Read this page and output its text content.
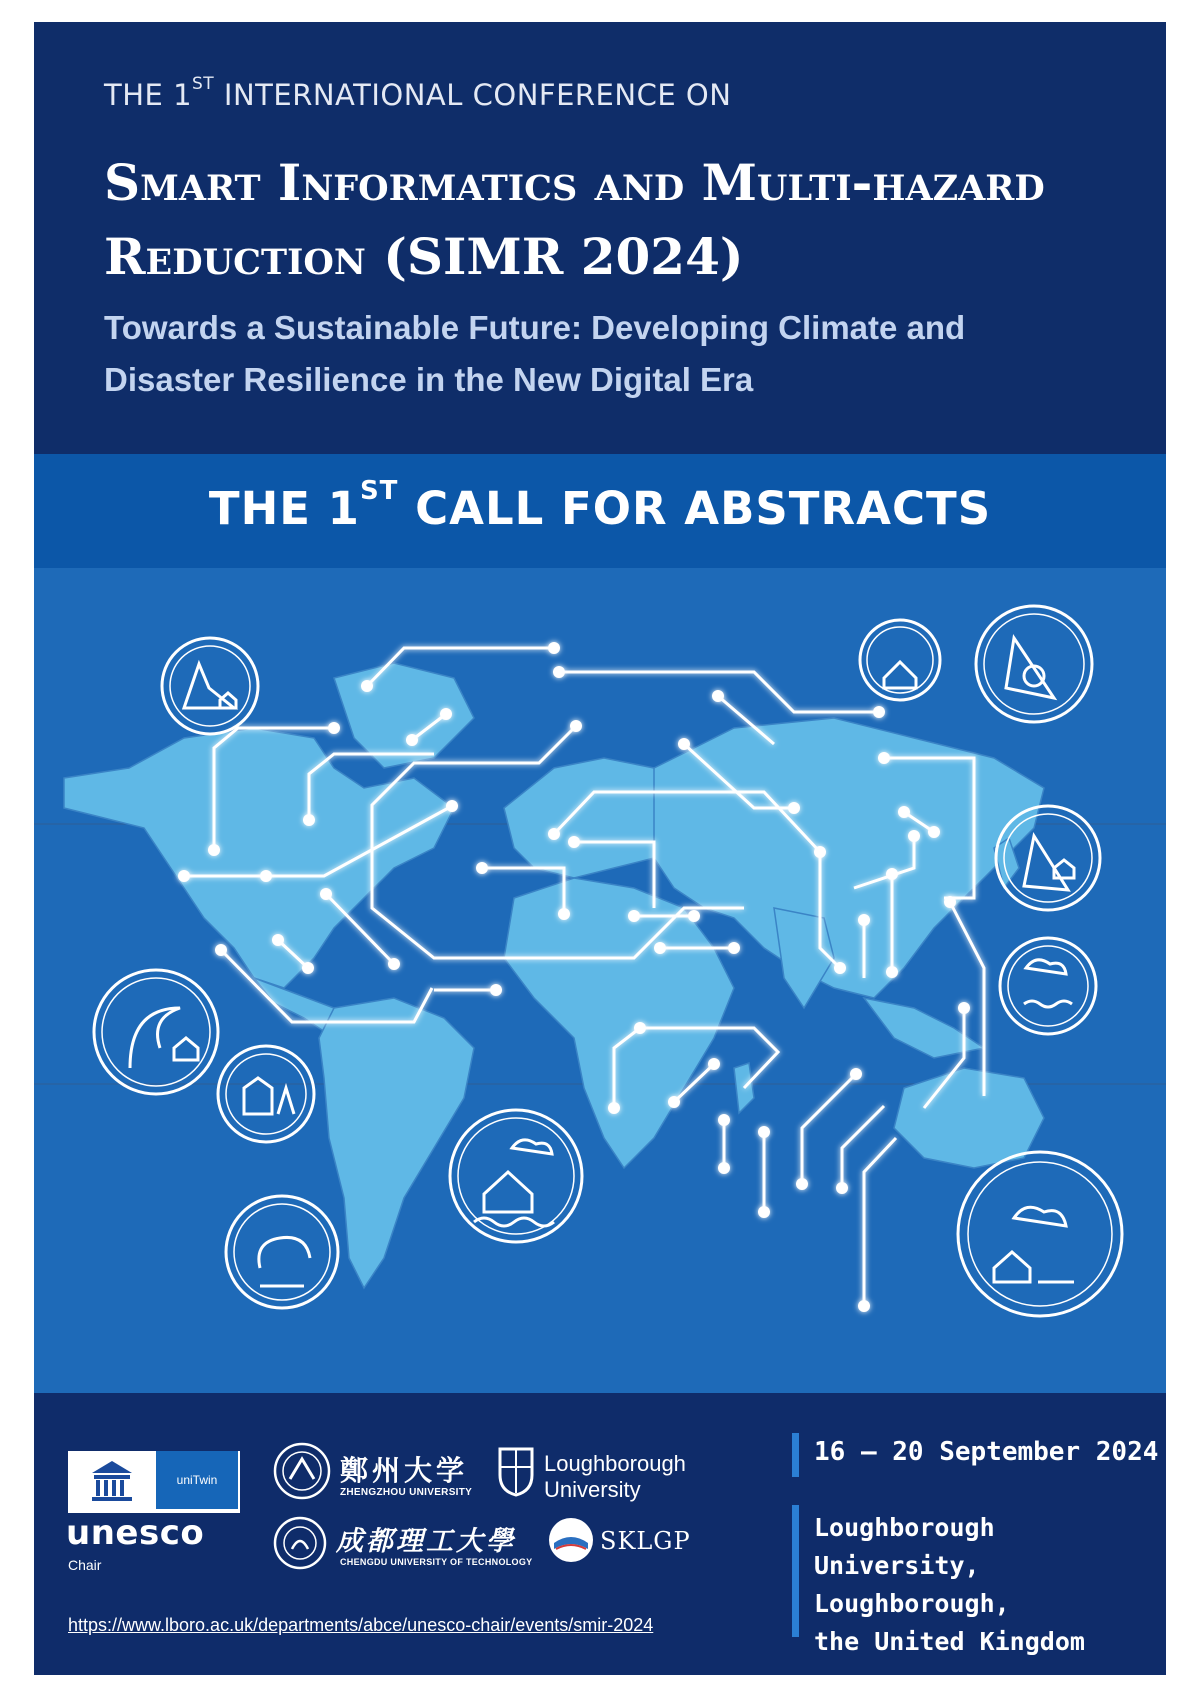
THE 1ST INTERNATIONAL CONFERENCE ON
Smart Informatics and Multi-hazard
Reduction (SIMR 2024)
Towards a Sustainable Future: Developing Climate and
Disaster Resilience in the New Digital Era
THE 1ST CALL FOR ABSTRACTS
uniTwin
unesco
Chair
鄭州大学
ZHENGZHOU UNIVERSITY
Loughborough
University
成都理工大學
CHENGDU UNIVERSITY OF TECHNOLOGY
SKLGP
https://www.lboro.ac.uk/departments/abce/unesco-chair/events/smir-2024
16 – 20 September 2024
Loughborough University,
Loughborough,
the United Kingdom
